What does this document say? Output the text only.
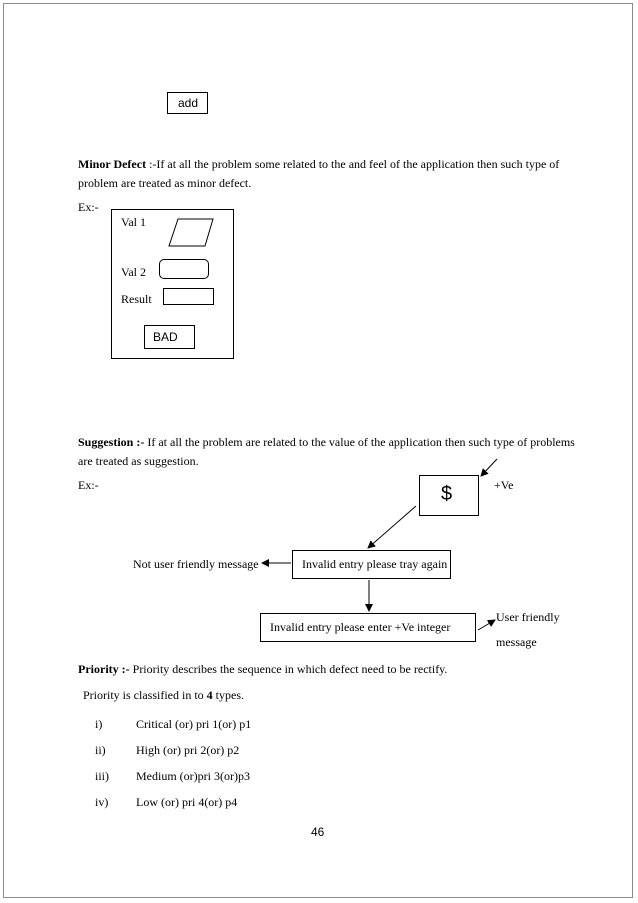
add
Minor Defect :-If at all the problem some related to the and feel of the application then such type of problem are treated as minor defect.
Ex:-
Val 1
Val 2
Result
BAD
Suggestion :- If at all the problem are related to the value of the application then such type of problems are treated as suggestion.
Ex:-	$	+Ve
Invalid entry please tray again
Not user friendly message
Invalid entry please enter +Ve integer
User friendly
message
Priority :- Priority describes the sequence in which defect need to be rectify.
Priority is classified in to 4 types.
i)	Critical (or) pri 1(or) p1
ii)	High (or) pri 2(or) p2
iii) Medium (or)pri 3(or)p3
iv) Low (or) pri 4(or) p4
46
